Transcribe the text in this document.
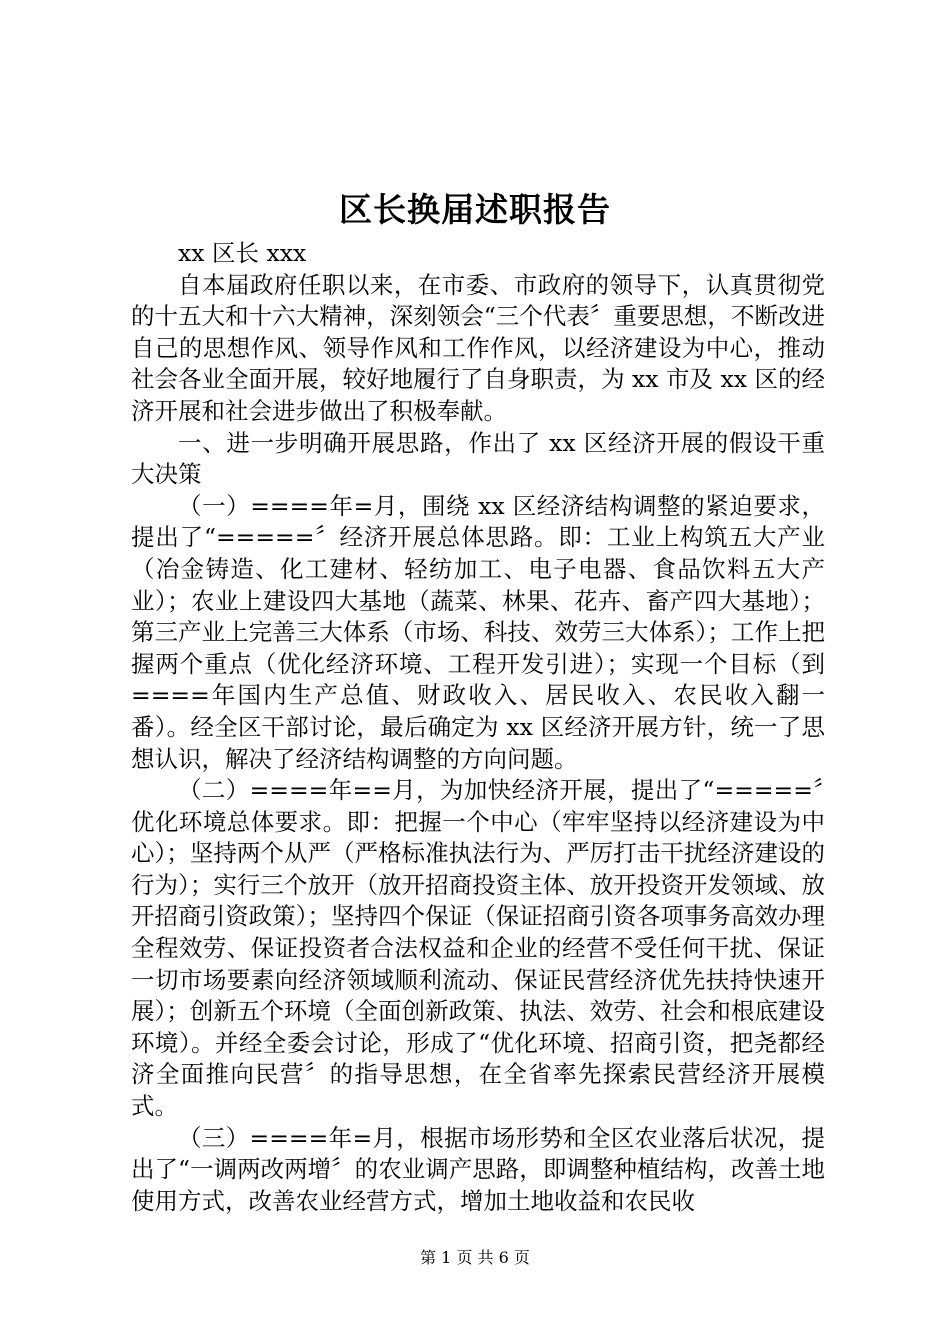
区长换届述职报告

xx 区长 xxx

自本届政府任职以来，在市委、市政府的领导下，认真贯彻党的十五大和十六大精神，深刻领会“三个代表〞重要思想，不断改进自己的思想作风、领导作风和工作作风，以经济建设为中心，推动社会各业全面开展，较好地履行了自身职责，为 xx 市及 xx 区的经济开展和社会进步做出了积极奉献。

一、进一步明确开展思路，作出了 xx 区经济开展的假设干重大决策

（一）====年=月，围绕 xx 区经济结构调整的紧迫要求，提出了“=====〞经济开展总体思路。即：工业上构筑五大产业（冶金铸造、化工建材、轻纺加工、电子电器、食品饮料五大产业）；农业上建设四大基地（蔬菜、林果、花卉、畜产四大基地）；第三产业上完善三大体系（市场、科技、效劳三大体系）；工作上把握两个重点（优化经济环境、工程开发引进）；实现一个目标（到====年国内生产总值、财政收入、居民收入、农民收入翻一番）。经全区干部讨论，最后确定为 xx 区经济开展方针，统一了思想认识，解决了经济结构调整的方向问题。

（二）====年==月，为加快经济开展，提出了“=====〞优化环境总体要求。即：把握一个中心（牢牢坚持以经济建设为中心）；坚持两个从严（严格标准执法行为、严厉打击干扰经济建设的行为）；实行三个放开（放开招商投资主体、放开投资开发领域、放开招商引资政策）；坚持四个保证（保证招商引资各项事务高效办理全程效劳、保证投资者合法权益和企业的经营不受任何干扰、保证一切市场要素向经济领域顺利流动、保证民营经济优先扶持快速开展）；创新五个环境（全面创新政策、执法、效劳、社会和根底建设环境）。并经全委会讨论，形成了“优化环境、招商引资，把尧都经济全面推向民营〞的指导思想，在全省率先探索民营经济开展模式。

（三）====年=月，根据市场形势和全区农业落后状况，提出了“一调两改两增〞的农业调产思路，即调整种植结构，改善土地使用方式，改善农业经营方式，增加土地收益和农民收

第 1 页 共 6 页
